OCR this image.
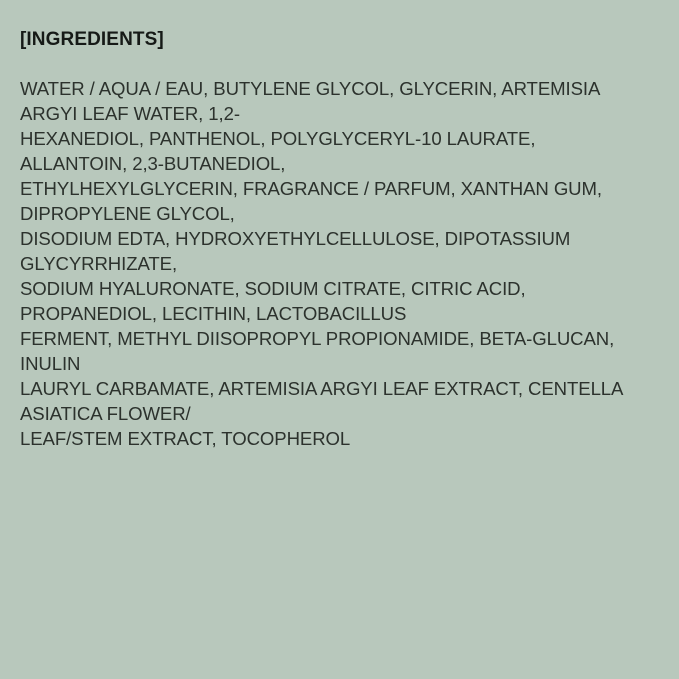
[INGREDIENTS]
WATER / AQUA / EAU, BUTYLENE GLYCOL, GLYCERIN, ARTEMISIA
ARGYI LEAF WATER, 1,2-
HEXANEDIOL, PANTHENOL, POLYGLYCERYL-10 LAURATE,
ALLANTOIN, 2,3-BUTANEDIOL,
ETHYLHEXYLGLYCERIN, FRAGRANCE / PARFUM, XANTHAN GUM,
DIPROPYLENE GLYCOL,
DISODIUM EDTA, HYDROXYETHYLCELLULOSE, DIPOTASSIUM
GLYCYRRHIZATE,
SODIUM HYALURONATE, SODIUM CITRATE, CITRIC ACID,
PROPANEDIOL, LECITHIN, LACTOBACILLUS
FERMENT, METHYL DIISOPROPYL PROPIONAMIDE, BETA-GLUCAN,
INULIN
LAURYL CARBAMATE, ARTEMISIA ARGYI LEAF EXTRACT, CENTELLA
ASIATICA FLOWER/
LEAF/STEM EXTRACT, TOCOPHEROL
